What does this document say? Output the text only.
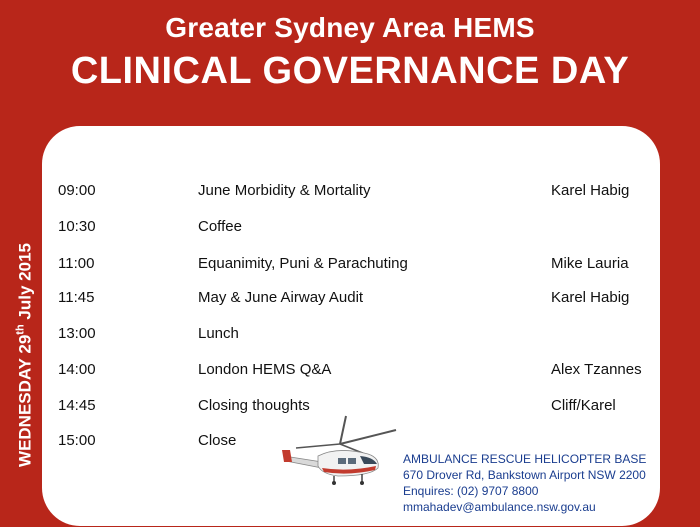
Greater Sydney Area HEMS
CLINICAL GOVERNANCE DAY
WEDNESDAY 29th July 2015
09:00	June Morbidity & Mortality	Karel Habig
10:30	Coffee
11:00	Equanimity, Puni & Parachuting	Mike Lauria
11:45	May & June Airway Audit	Karel Habig
13:00	Lunch
14:00	London HEMS Q&A	Alex Tzannes
14:45	Closing thoughts	Cliff/Karel
15:00	Close
AMBULANCE RESCUE HELICOPTER BASE
670 Drover Rd, Bankstown Airport NSW 2200
Enquires: (02) 9707 8800
mmahadev@ambulance.nsw.gov.au
